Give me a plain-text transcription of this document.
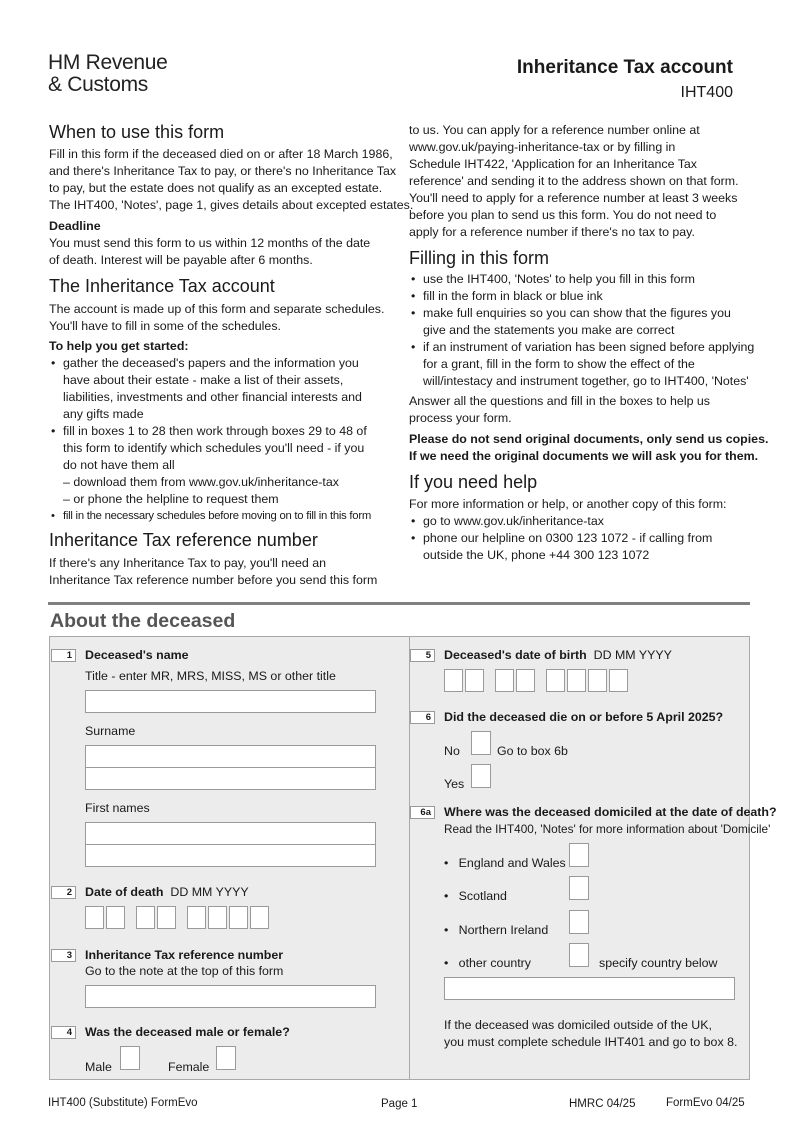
HM Revenue
& Customs
Inheritance Tax account
IHT400
When to use this form
Fill in this form if the deceased died on or after 18 March 1986,
and there's Inheritance Tax to pay, or there's no Inheritance Tax
to pay, but the estate does not qualify as an excepted estate.
The IHT400, 'Notes', page 1, gives details about excepted estates.
Deadline
You must send this form to us within 12 months of the date
of death. Interest will be payable after 6 months.
The Inheritance Tax account
The account is made up of this form and separate schedules.
You'll have to fill in some of the schedules.
To help you get started:
• gather the deceased's papers and the information you
have about their estate - make a list of their assets,
liabilities, investments and other financial interests and
any gifts made
• fill in boxes 1 to 28 then work through boxes 29 to 48 of
this form to identify which schedules you'll need - if you
do not have them all
– download them from www.gov.uk/inheritance-tax
– or phone the helpline to request them
• fill in the necessary schedules before moving on to fill in this form
Inheritance Tax reference number
If there's any Inheritance Tax to pay, you'll need an
Inheritance Tax reference number before you send this form
to us. You can apply for a reference number online at
www.gov.uk/paying-inheritance-tax or by filling in
Schedule IHT422, 'Application for an Inheritance Tax
reference' and sending it to the address shown on that form.
You'll need to apply for a reference number at least 3 weeks
before you plan to send us this form. You do not need to
apply for a reference number if there's no tax to pay.
Filling in this form
• use the IHT400, 'Notes' to help you fill in this form
• fill in the form in black or blue ink
• make full enquiries so you can show that the figures you
give and the statements you make are correct
• if an instrument of variation has been signed before applying
for a grant, fill in the form to show the effect of the
will/intestacy and instrument together, go to IHT400, 'Notes'
Answer all the questions and fill in the boxes to help us
process your form.
Please do not send original documents, only send us copies.
If we need the original documents we will ask you for them.
If you need help
For more information or help, or another copy of this form:
• go to www.gov.uk/inheritance-tax
• phone our helpline on 0300 123 1072 - if calling from
outside the UK, phone +44 300 123 1072
About the deceased
1	Deceased's name
Title - enter MR, MRS, MISS, MS or other title
Surname
First names
2	Date of death DD MM YYYY
3	Inheritance Tax reference number
Go to the note at the top of this form
4	Was the deceased male or female?
Male	Female
5	Deceased's date of birth DD MM YYYY
6	Did the deceased die on or before 5 April 2025?
No	Go to box 6b
Yes
6a	Where was the deceased domiciled at the date of death?
Read the IHT400, 'Notes' for more information about 'Domicile'
• England and Wales
• Scotland
• Northern Ireland
• other country	specify country below
If the deceased was domiciled outside of the UK,
you must complete schedule IHT401 and go to box 8.
IHT400 (Substitute) FormEvo	Page 1	HMRC 04/25	FormEvo 04/25
